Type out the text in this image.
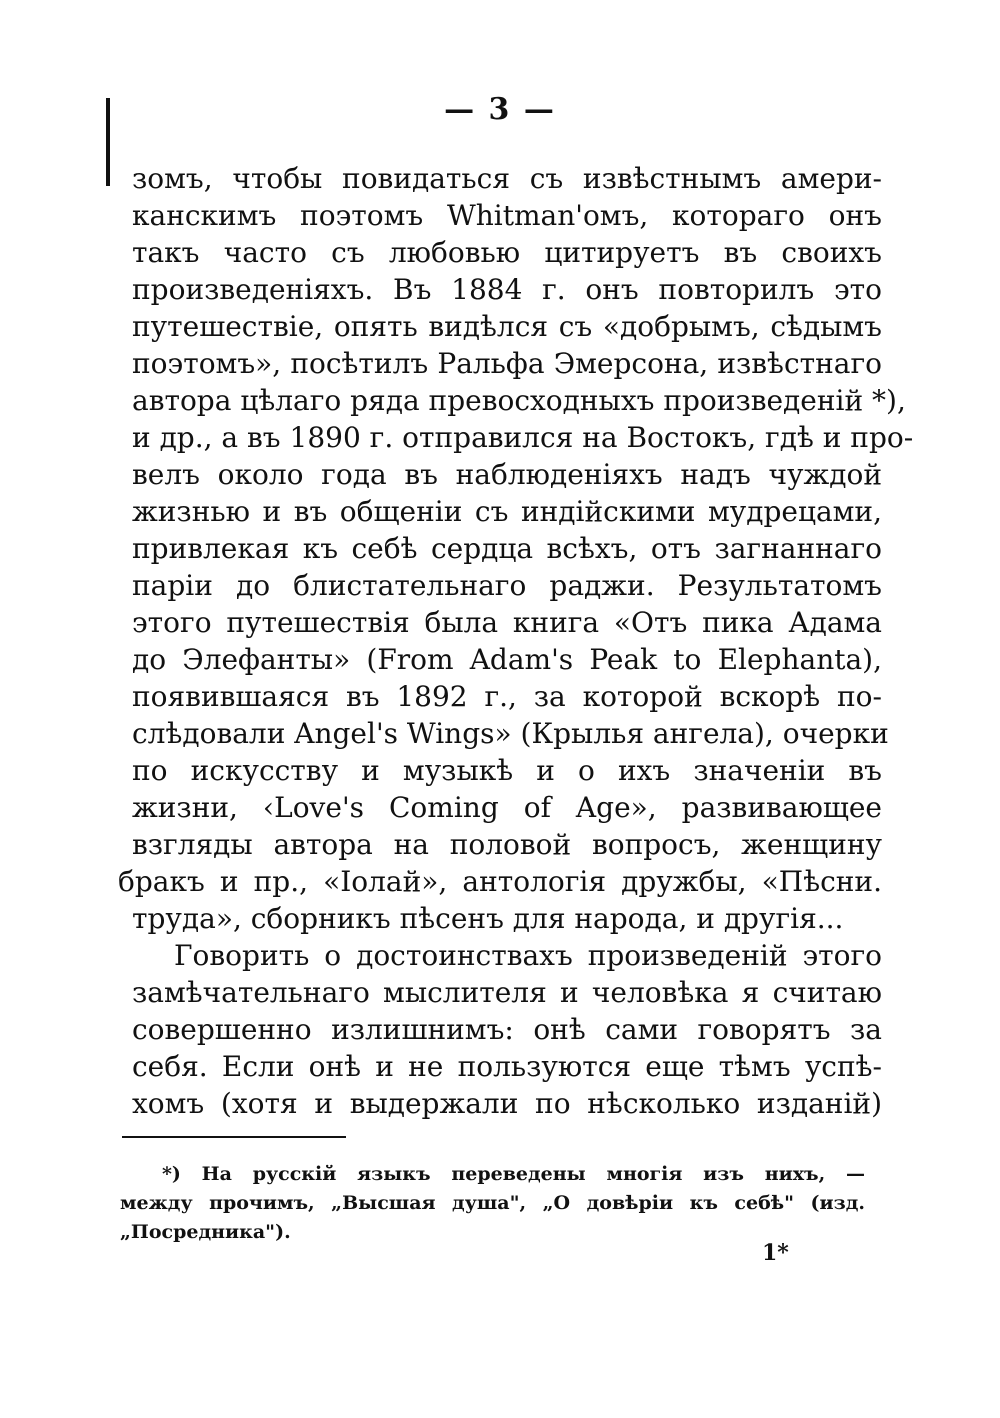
— 3 —
зомъ, чтобы повидаться съ извѣстнымъ амери-
канскимъ поэтомъ Whitman'омъ, котораго онъ
такъ часто съ любовью цитируетъ въ своихъ
произведеніяхъ. Въ 1884 г. онъ повторилъ это
путешествіе, опять видѣлся съ «добрымъ, сѣдымъ
поэтомъ», посѣтилъ Ральфа Эмерсона, извѣстнаго
автора цѣлаго ряда превосходныхъ произведеній *),
и др., а въ 1890 г. отправился на Востокъ, гдѣ и про-
велъ около года въ наблюденіяхъ надъ чуждой
жизнью и въ общеніи съ индійскими мудрецами,
привлекая къ себѣ сердца всѣхъ, отъ загнаннаго
паріи до блистательнаго раджи. Результатомъ
этого путешествія была книга «Отъ пика Адама
до Элефанты» (From Adam's Peak to Elephanta),
появившаяся въ 1892 г., за которой вскорѣ по-
слѣдовали Angel's Wings» (Крылья ангела), очерки
по искусству и музыкѣ и о ихъ значеніи въ
жизни, ‹Love's Coming of Age», развивающее
взгляды автора на половой вопросъ, женщину
бракъ и пр., «Іолай», антологія дружбы, «Пѣсни.
труда», сборникъ пѣсенъ для народа, и другія...
Говорить о достоинствахъ произведеній этого
замѣчательнаго мыслителя и человѣка я считаю
совершенно излишнимъ: онѣ сами говорятъ за
себя. Если онѣ и не пользуются еще тѣмъ успѣ-
хомъ (хотя и выдержали по нѣсколько изданій)
*) На русскій языкъ переведены многія изъ нихъ, —
между прочимъ, „Высшая душа", „О довѣріи къ себѣ" (изд.
„Посредника").
1*
